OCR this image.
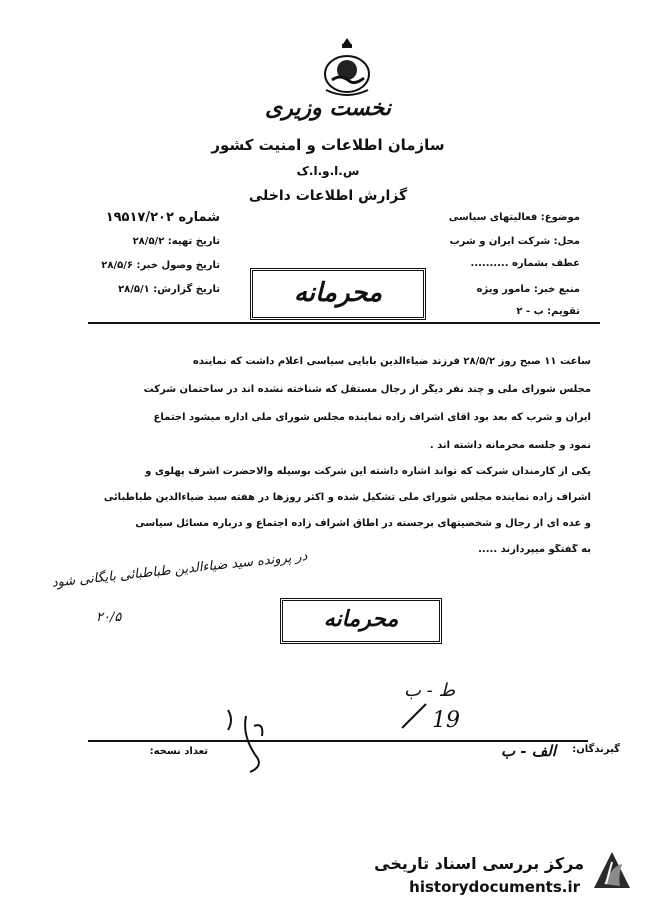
نخست وزیری
سازمان اطلاعات و امنیت کشور
س.ا.و.ا.ک
گزارش اطلاعات داخلی
شماره ۱۹۵۱۷/۲۰۲
تاریخ تهیه: ۲۸/۵/۲
تاریخ وصول خبر: ۲۸/۵/۶
تاریخ گزارش: ۲۸/۵/۱
موضوع: فعالیتهای سیاسی
محل: شرکت ایران و شرب
عطف بشماره ..........
منبع خبر: مامور ویژه
تقویم: ب - ۲
محرمانه
ساعت ۱۱ صبح روز ۲۸/۵/۲ فرزند ضیاءالدین بابایی سیاسی اعلام داشت که نماینده
مجلس شورای ملی و چند نفر دیگر از رجال مستقل که شناخته نشده اند در ساختمان شرکت
ایران و شرب که بعد بود آقای اشراف زاده نماینده مجلس شورای ملی اداره میشود اجتماع
نمود و جلسه محرمانه داشته اند .
یکی از کارمندان شرکت که تواند اشاره داشته این شرکت بوسیله والاحضرت اشرف پهلوی و
اشراف زاده نماینده مجلس شورای ملی تشکیل شده و اکثر روزها در هفته سید ضیاءالدین طباطبائی
و عده ای از رجال و شخصیتهای برجسته در اطاق اشراف زاده اجتماع و درباره مسائل سیاسی
به گفتگو میپردازند .....
در پرونده سید ضیاءالدین طباطبائی بایگانی شود
۲۰/۵	محرمانه
ط - ب
19
گیرندگان:
الف - ب
تعداد نسخه:
مرکز بررسی اسناد تاریخی
historydocuments.ir
